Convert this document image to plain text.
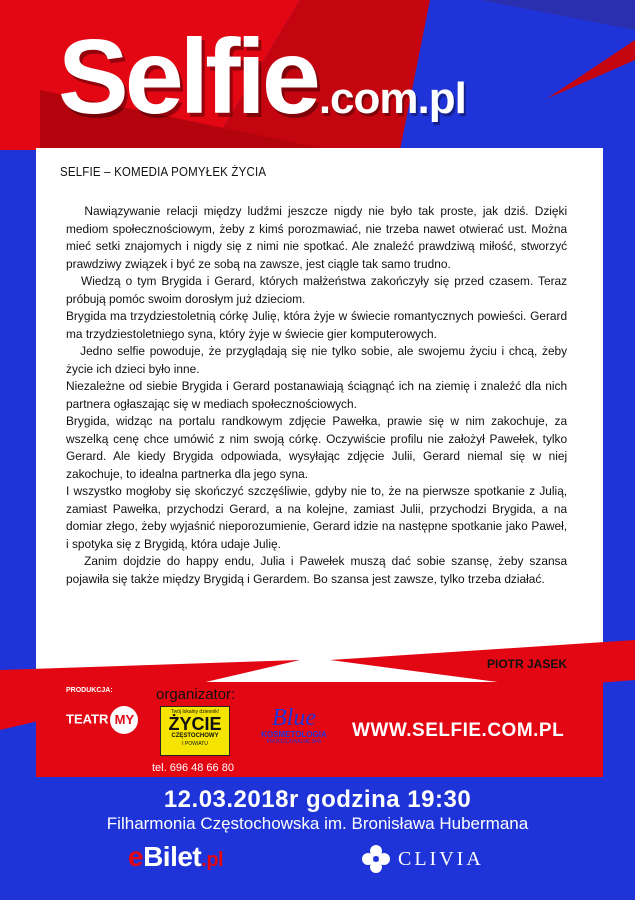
Selfie.com.pl
SELFIE – KOMEDIA POMYŁEK ŻYCIA

Nawiązywanie relacji między ludźmi jeszcze nigdy nie było tak proste, jak dziś. Dzięki mediom społecznościowym, żeby z kimś porozmawiać, nie trzeba nawet otwierać ust. Można mieć setki znajomych i nigdy się z nimi nie spotkać. Ale znaleźć prawdziwą miłość, stworzyć prawdziwy związek i być ze sobą na zawsze, jest ciągle tak samo trudno.

Wiedzą o tym Brygida i Gerard, których małżeństwa zakończyły się przed czasem. Teraz próbują pomóc swoim dorosłym już dzieciom.

Brygida ma trzydziestoletnią córkę Julię, która żyje w świecie romantycznych powieści. Gerard ma trzydziestoletniego syna, który żyje w świecie gier komputerowych.

Jedno selfie powoduje, że przyglądają się nie tylko sobie, ale swojemu życiu i chcą, żeby życie ich dzieci było inne.

Niezależne od siebie Brygida i Gerard postanawiają ściągnąć ich na ziemię i znaleźć dla nich partnera ogłaszając się w mediach społecznościowych.

Brygida, widząc na portalu randkowym zdjęcie Pawełka, prawie się w nim zakochuje, za wszelką cenę chce umówić z nim swoją córkę. Oczywiście profilu nie założył Pawełek, tylko Gerard. Ale kiedy Brygida odpowiada, wysyłając zdjęcie Julii, Gerard niemal się w niej zakochuje, to idealna partnerka dla jego syna.

I wszystko mogłoby się skończyć szczęśliwie, gdyby nie to, że na pierwsze spotkanie z Julią, zamiast Pawełka, przychodzi Gerard, a na kolejne, zamiast Julii, przychodzi Brygida, a na domiar złego, żeby wyjaśnić nieporozumienie, Gerard idzie na następne spotkanie jako Paweł, i spotyka się z Brygidą, która udaje Julię.

Zanim dojdzie do happy endu, Julia i Pawełek muszą dać sobie szansę, żeby szansa pojawiła się także między Brygidą i Gerardem. Bo szansa jest zawsze, tylko trzeba działać.

PIOTR JASEK
PRODUKCJA:
TEATR MY
organizator:
Twój lokalny dziennik!
ŻYCIE
CZĘSTOCHOWY
I POWIATU
tel. 696 48 66 80
Blue
KOSMETOLOGIA
PROFESJONALNE SPA
WWW.SELFIE.COM.PL
12.03.2018r godzina 19:30
Filharmonia Częstochowska im. Bronisława Hubermana
eBilet.pl	CLIVIA
